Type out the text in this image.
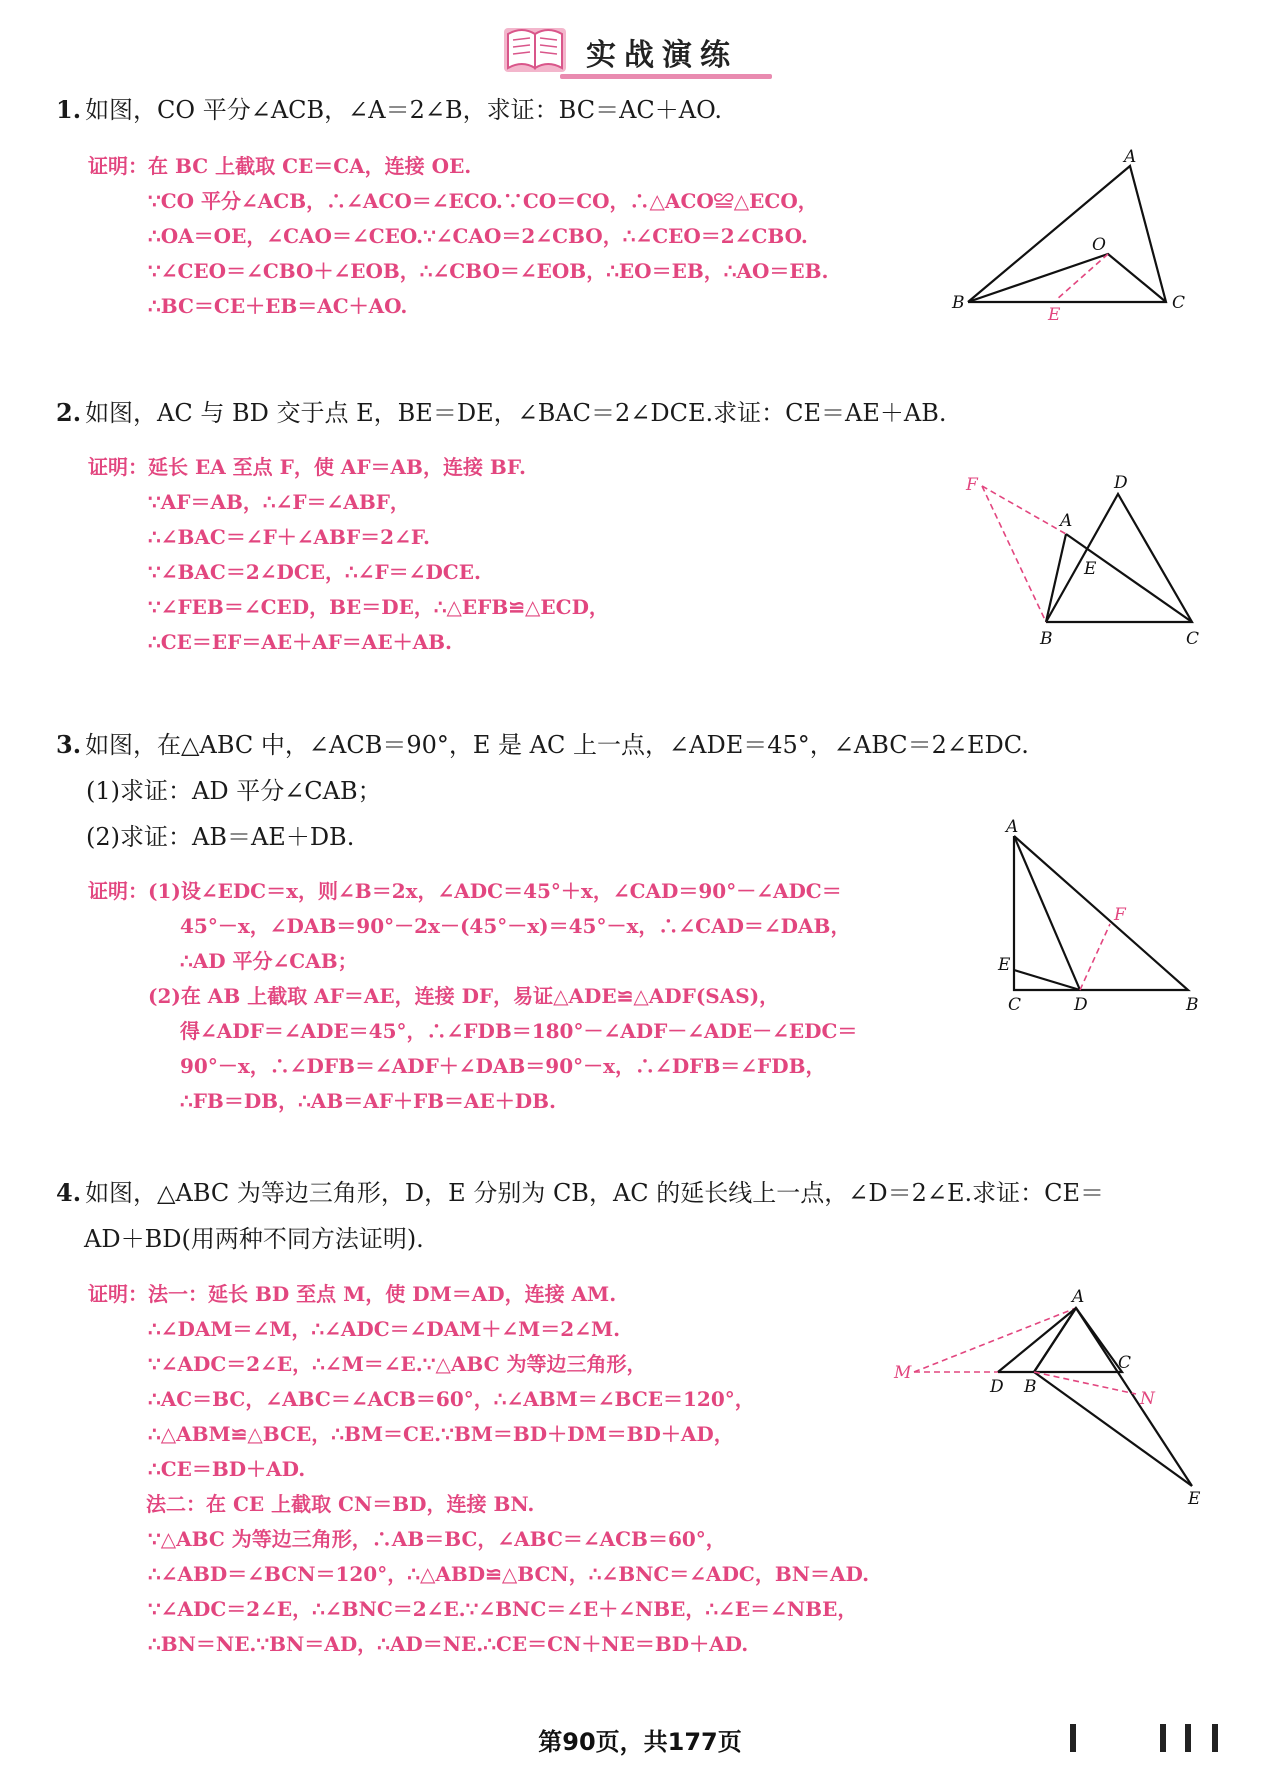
实战演练
1. 如图，CO 平分∠ACB，∠A＝2∠B，求证：BC＝AC＋AO.
证明：在 BC 上截取 CE＝CA，连接 OE.
∵CO 平分∠ACB，∴∠ACO＝∠ECO.∵CO＝CO，∴△ACO≌△ECO，
∴OA＝OE，∠CAO＝∠CEO.∵∠CAO＝2∠CBO，∴∠CEO＝2∠CBO.
∵∠CEO＝∠CBO＋∠EOB，∴∠CBO＝∠EOB，∴EO＝EB，∴AO＝EB.
∴BC＝CE＋EB＝AC＋AO.
A
O
B	C
E
2. 如图，AC 与 BD 交于点 E，BE＝DE，∠BAC＝2∠DCE.求证：CE＝AE＋AB.
证明：延长 EA 至点 F，使 AF＝AB，连接 BF.
∵AF＝AB，∴∠F＝∠ABF，
∴∠BAC＝∠F＋∠ABF＝2∠F.
∵∠BAC＝2∠DCE，∴∠F＝∠DCE.
∵∠FEB＝∠CED，BE＝DE，∴△EFB≌△ECD，
∴CE＝EF＝AE＋AF＝AE＋AB.
F	D
A
E
B	C
3. 如图，在△ABC 中，∠ACB＝90°，E 是 AC 上一点，∠ADE＝45°，∠ABC＝2∠EDC.
(1)求证：AD 平分∠CAB；
(2)求证：AB＝AE＋DB.
证明：(1)设∠EDC＝x，则∠B＝2x，∠ADC＝45°＋x，∠CAD＝90°－∠ADC＝
45°－x，∠DAB＝90°－2x－(45°－x)＝45°－x，∴∠CAD＝∠DAB，
∴AD 平分∠CAB；
(2)在 AB 上截取 AF＝AE，连接 DF，易证△ADE≌△ADF(SAS)，
得∠ADF＝∠ADE＝45°，∴∠FDB＝180°－∠ADF－∠ADE－∠EDC＝
90°－x，∴∠DFB＝∠ADF＋∠DAB＝90°－x，∴∠DFB＝∠FDB，
∴FB＝DB，∴AB＝AF＋FB＝AE＋DB.
A
F
E
C	D	B
4. 如图，△ABC 为等边三角形，D，E 分别为 CB，AC 的延长线上一点，∠D＝2∠E.求证：CE＝
AD＋BD(用两种不同方法证明).
证明：法一：延长 BD 至点 M，使 DM＝AD，连接 AM.
∴∠DAM＝∠M，∴∠ADC＝∠DAM＋∠M＝2∠M.
∵∠ADC＝2∠E，∴∠M＝∠E.∵△ABC 为等边三角形，
∴AC＝BC，∠ABC＝∠ACB＝60°，∴∠ABM＝∠BCE＝120°，
∴△ABM≌△BCE，∴BM＝CE.∵BM＝BD＋DM＝BD＋AD，
∴CE＝BD＋AD.
法二：在 CE 上截取 CN＝BD，连接 BN.
∵△ABC 为等边三角形，∴AB＝BC，∠ABC＝∠ACB＝60°，
∴∠ABD＝∠BCN＝120°，∴△ABD≌△BCN，∴∠BNC＝∠ADC，BN＝AD.
∵∠ADC＝2∠E，∴∠BNC＝2∠E.∵∠BNC＝∠E＋∠NBE，∴∠E＝∠NBE，
∴BN＝NE.∵BN＝AD，∴AD＝NE.∴CE＝CN＋NE＝BD＋AD.
A
M
D B
C
N
E
第90页，共177页
